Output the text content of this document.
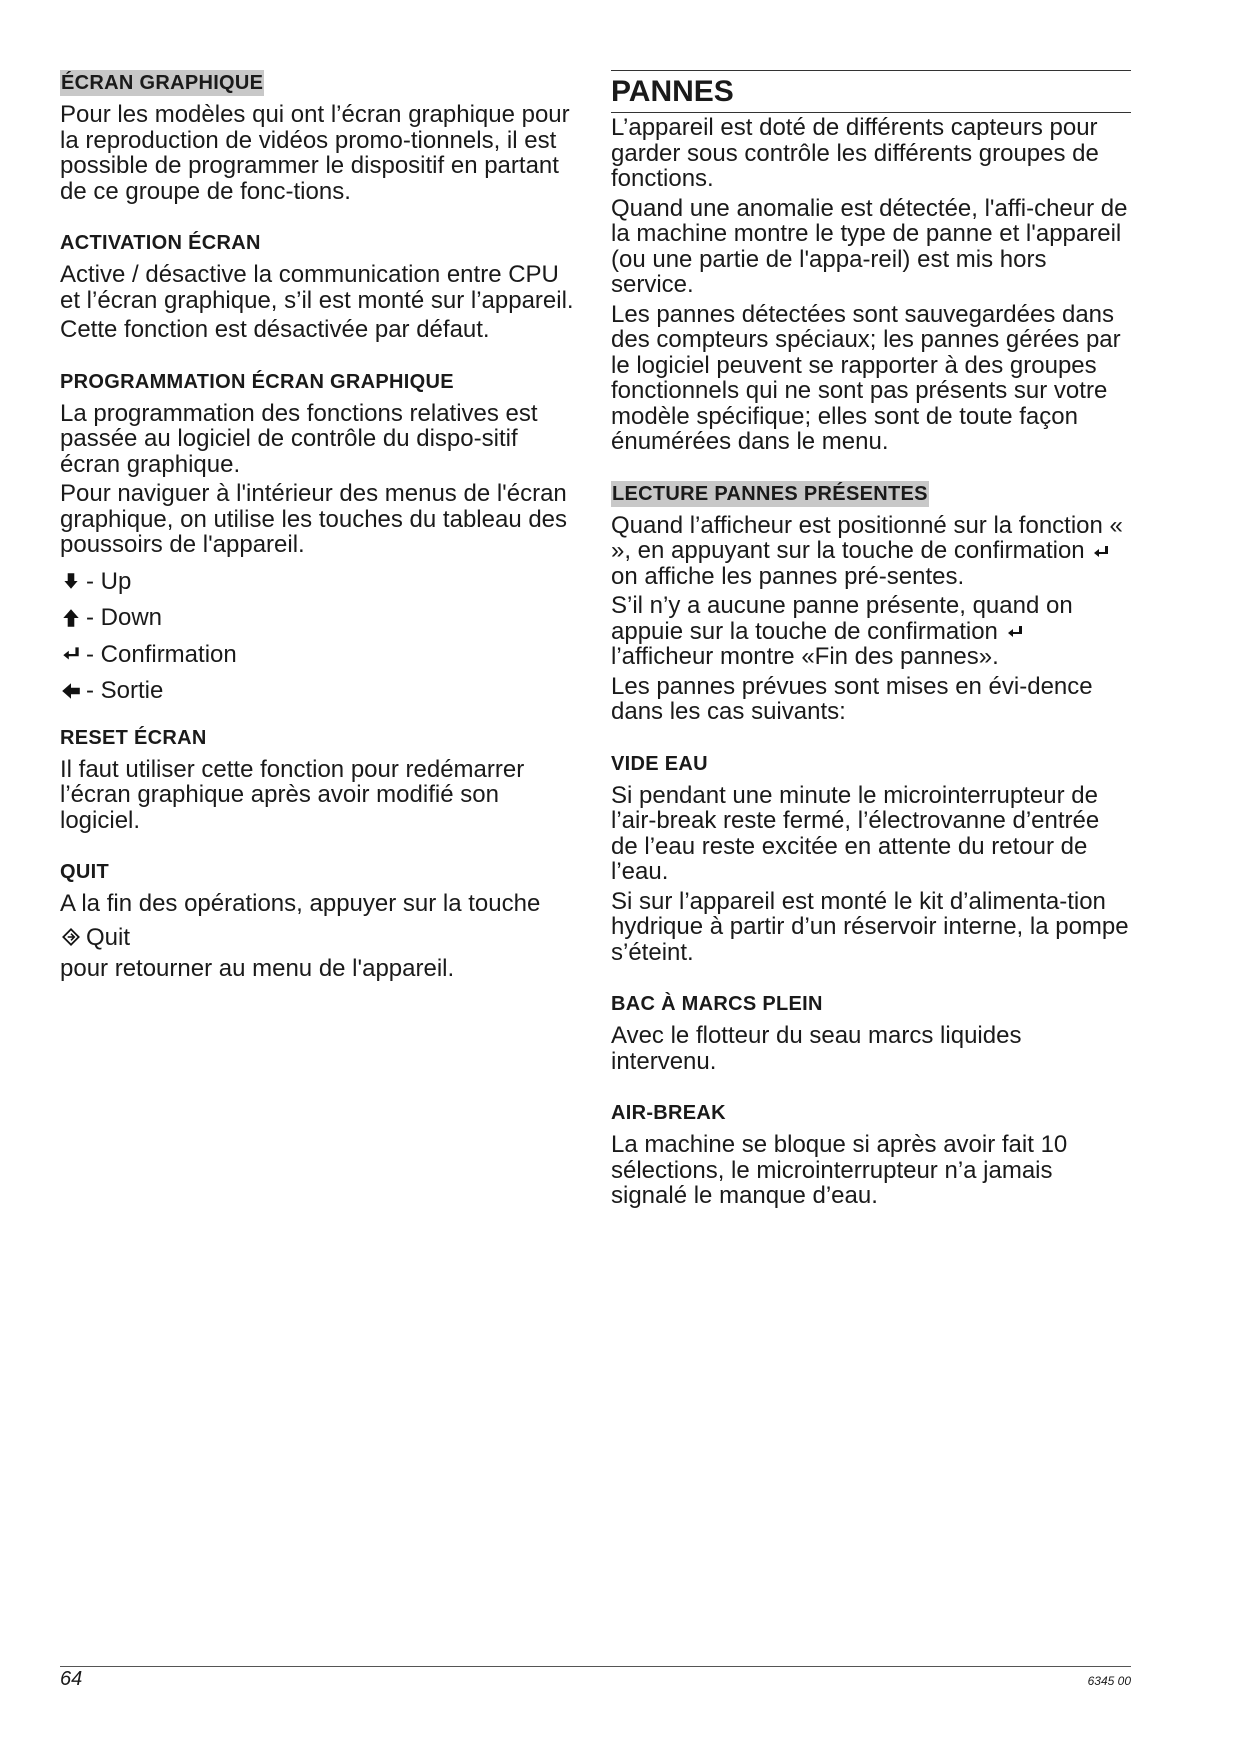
ÉCRAN GRAPHIQUE

Pour les modèles qui ont l’écran graphique pour la reproduction de vidéos promo-tionnels, il est possible de programmer le dispositif en partant de ce groupe de fonc-tions.

ACTIVATION ÉCRAN

Active / désactive la communication entre CPU et l’écran graphique, s’il est monté sur l’appareil.

Cette fonction est désactivée par défaut.

PROGRAMMATION ÉCRAN GRAPHIQUE

La programmation des fonctions relatives est passée au logiciel de contrôle du dispo-sitif écran graphique.

Pour naviguer à l'intérieur des menus de l'écran graphique, on utilise les touches du tableau des poussoirs de l'appareil.

- Up
- Down
- Confirmation
- Sortie
RESET ÉCRAN

Il faut utiliser cette fonction pour redémarrer l’écran graphique après avoir modifié son logiciel.

QUIT

A la fin des opérations, appuyer sur la touche

Quit

pour retourner au menu de l'appareil.

PANNES

L’appareil est doté de différents capteurs pour garder sous contrôle les différents groupes de fonctions.

Quand une anomalie est détectée, l'affi-cheur de la machine montre le type de panne et l'appareil (ou une partie de l'appa-reil) est mis hors service.

Les pannes détectées sont sauvegardées dans des compteurs spéciaux; les pannes gérées par le logiciel peuvent se rapporter à des groupes fonctionnels qui ne sont pas présents sur votre modèle spécifique; elles sont de toute façon énumérées dans le menu.

LECTURE PANNES PRÉSENTES

Quand l’afficheur est positionné sur la fonction « », en appuyant sur la touche de confirmation  on affiche les pannes pré-sentes.

S’il n’y a aucune panne présente, quand on appuie sur la touche de confirmation  l’afficheur montre «Fin des pannes».

Les pannes prévues sont mises en évi-dence dans les cas suivants:

VIDE EAU

Si pendant une minute le microinterrupteur de l’air-break reste fermé, l’électrovanne d’entrée de l’eau reste excitée en attente du retour de l’eau.

Si sur l’appareil est monté le kit d’alimenta-tion hydrique à partir d’un réservoir interne, la pompe s’éteint.

BAC À MARCS PLEIN

Avec le flotteur du seau marcs liquides intervenu.

AIR-BREAK

La machine se bloque si après avoir fait 10 sélections, le microinterrupteur n’a jamais signalé le manque d’eau.

64	6345 00
